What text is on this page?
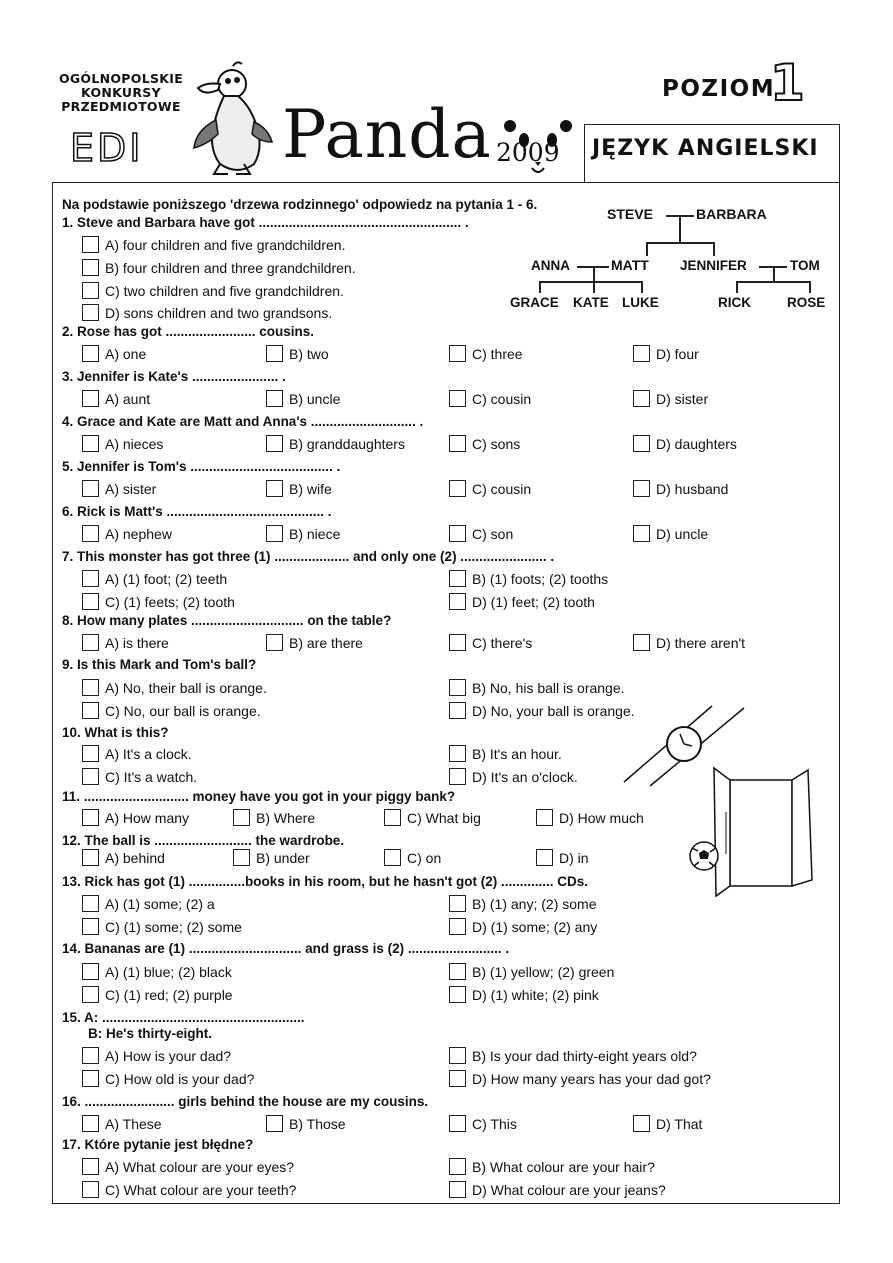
OGÓLNOPOLSKIE
KONKURSY
PRZEDMIOTOWE
EDI Panda 2009
POZIOM
1
JĘZYK ANGIELSKI
Na podstawie poniższego 'drzewa rodzinnego' odpowiedz na pytania 1 - 6.
STEVE	BARBARA
ANNA	MATT JENNIFER	TOM
GRACE KATE LUKE	RICK	ROSE
1. Steve and Barbara have got ...................................................... .
A) four children and five grandchildren.
B) four children and three grandchildren.
C) two children and five grandchildren.
D) sons children and two grandsons.
2. Rose has got ........................ cousins.
A) one	B) two	C) three	D) four
3. Jennifer is Kate's ....................... .
A) aunt	B) uncle	C) cousin	D) sister
4. Grace and Kate are Matt and Anna's ............................ .
A) nieces	B) granddaughters	C) sons	D) daughters
5. Jennifer is Tom's ...................................... .
A) sister	B) wife	C) cousin	D) husband
6. Rick is Matt's .......................................... .
A) nephew	B) niece	C) son	D) uncle
7. This monster has got three (1) .................... and only one (2) ....................... .
A) (1) foot; (2) teeth	B) (1) foots; (2) tooths
C) (1) feets; (2) tooth	D) (1) feet; (2) tooth
8. How many plates .............................. on the table?
A) is there	B) are there	C) there's	D) there aren't
9. Is this Mark and Tom's ball?
A) No, their ball is orange.	B) No, his ball is orange.
C) No, our ball is orange.	D) No, your ball is orange.
10. What is this?
A) It's a clock.	B) It's an hour.
C) It's a watch.	D) It's an o'clock.
11. ............................ money have you got in your piggy bank?
A) How many	B) Where	C) What big	D) How much
12. The ball is .......................... the wardrobe.
A) behind	B) under	C) on	D) in
13. Rick has got (1) ...............books in his room, but he hasn't got (2) .............. CDs.
A) (1) some; (2) a	B) (1) any; (2) some
C) (1) some; (2) some	D) (1) some; (2) any
14. Bananas are (1) .............................. and grass is (2) ......................... .
A) (1) blue; (2) black	B) (1) yellow; (2) green
C) (1) red; (2) purple	D) (1) white; (2) pink
15. A: ......................................................
B: He's thirty-eight.
A) How is your dad?	B) Is your dad thirty-eight years old?
C) How old is your dad?	D) How many years has your dad got?
16. ........................ girls behind the house are my cousins.
A) These	B) Those	C) This	D) That
17. Które pytanie jest błędne?
A) What colour are your eyes?	B) What colour are your hair?
C) What colour are your teeth?	D) What colour are your jeans?
